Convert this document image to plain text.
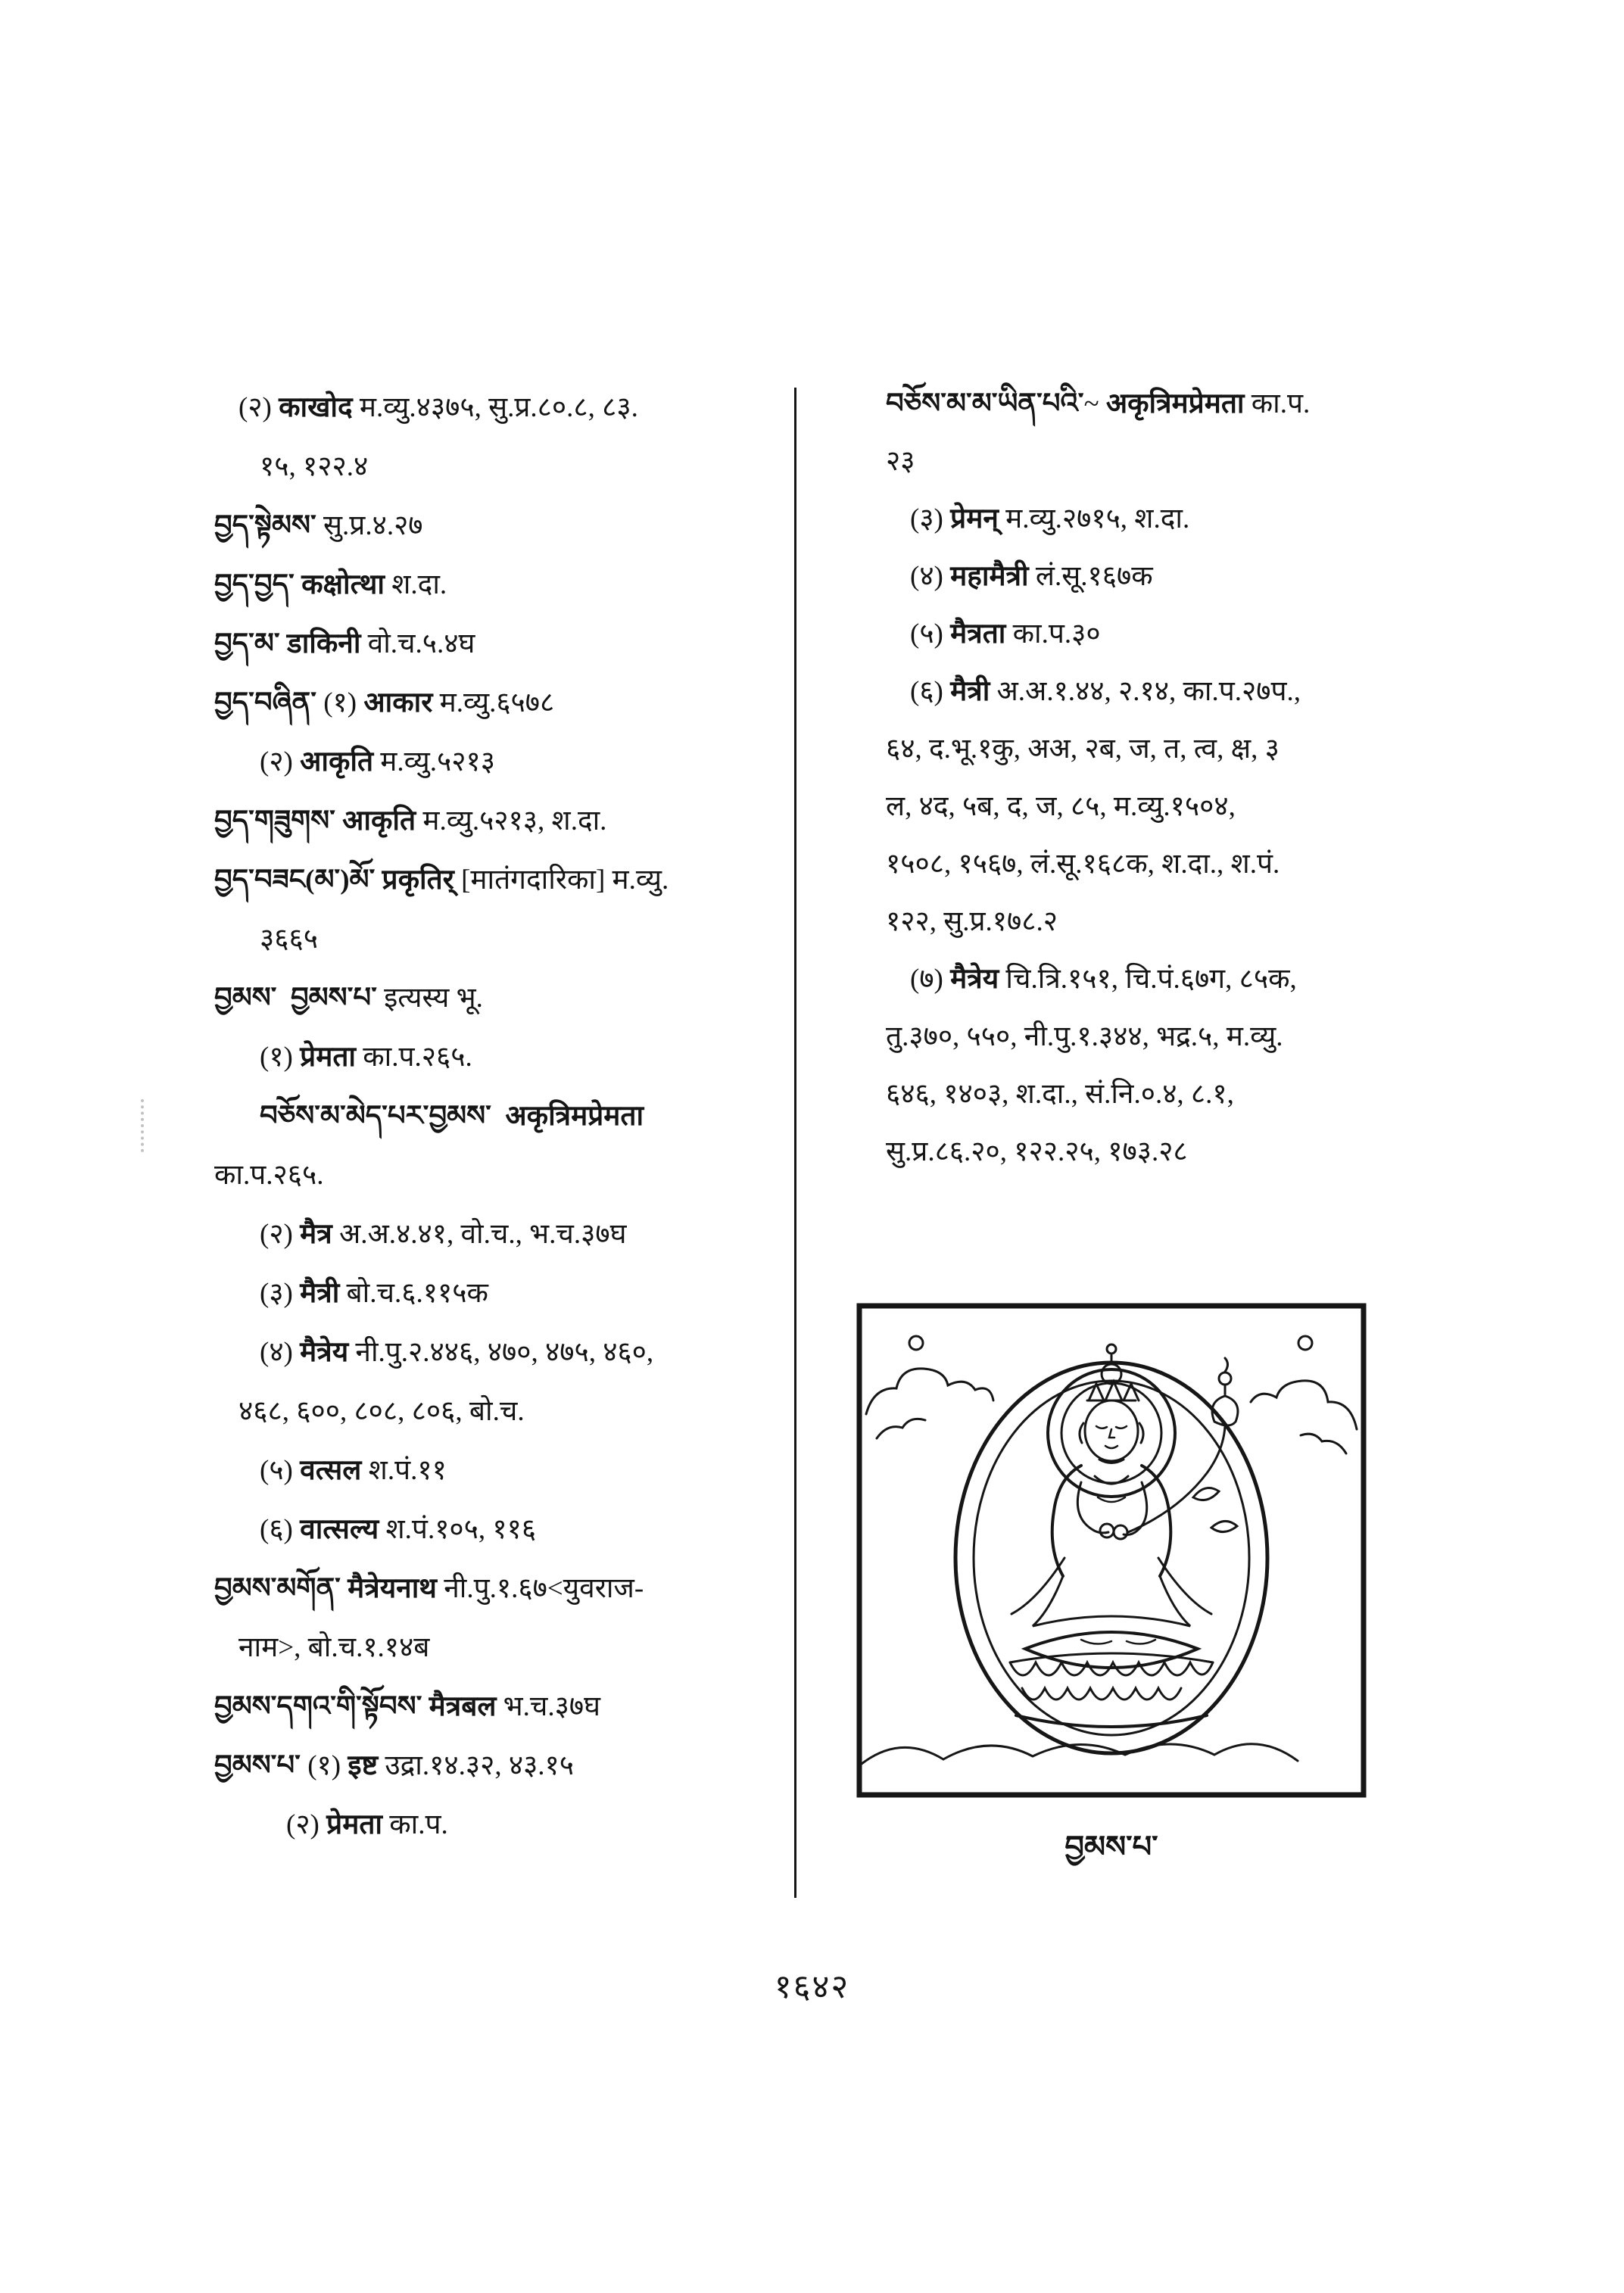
(२) काखोद म.व्यु.४३७५, सु.प्र.८०.८, ८३.
१५, १२२.४
བྱད་སྟེམས་ सु.प्र.४.२७
བྱད་བྱད་ कक्षोत्था श.दा.
བྱད་མ་ डाकिनी वो.च.५.४घ
བྱད་བཞིན་ (१) आकार म.व्यु.६५७८
(२) आकृति म.व्यु.५२१३
བྱད་གཟུགས་ आकृति म.व्यु.५२१३, श.दा.
བྱད་བཟང(མ་)མོ་ प्रकृतिर् [मातंगदारिका] म.व्यु.
३६६५
བྱམས་ བྱམས་པ་ इत्यस्य भू.
(१) प्रेमता का.प.२६५.
བཅོས་མ་མེད་པར་བྱམས་ अकृत्रिमप्रेमता
का.प.२६५.
(२) मैत्र अ.अ.४.४१, वो.च., भ.च.३७घ
(३) मैत्री बो.च.६.११५क
(४) मैत्रेय नी.पु.२.४४६, ४७०, ४७५, ४६०,
४६८, ६००, ८०८, ८०६, बो.च.
(५) वत्सल श.पं.११
(६) वात्सल्य श.पं.१०५, ११६
བྱམས་མགོན་ मैत्रेयनाथ नी.पु.१.६७<युवराज-
नाम>, बो.च.१.१४ब
བྱམས་དགའ་གི་སྟོབས་ मैत्रबल भ.च.३७घ
བྱམས་པ་ (१) इष्ट उद्रा.१४.३२, ४३.१५
(२) प्रेमता का.प.
བཅོས་མ་མ་ཡིན་པའི་~ अकृत्रिमप्रेमता का.प.
२३
(३) प्रेमन् म.व्यु.२७१५, श.दा.
(४) महामैत्री लं.सू.१६७क
(५) मैत्रता का.प.३०
(६) मैत्री अ.अ.१.४४, २.१४, का.प.२७प.,
६४, द.भू.१कु, अअ, २ब, ज, त, त्व, क्ष, ३
ल, ४द, ५ब, द, ज, ८५, म.व्यु.१५०४,
१५०८, १५६७, लं.सू.१६८क, श.दा., श.पं.
१२२, सु.प्र.१७८.२
(७) मैत्रेय चि.त्रि.१५१, चि.पं.६७ग, ८५क,
तु.३७०, ५५०, नी.पु.१.३४४, भद्र.५, म.व्यु.
६४६, १४०३, श.दा., सं.नि.०.४, ८.१,
सु.प्र.८६.२०, १२२.२५, १७३.२८
བྱམས་པ་
१६४२
